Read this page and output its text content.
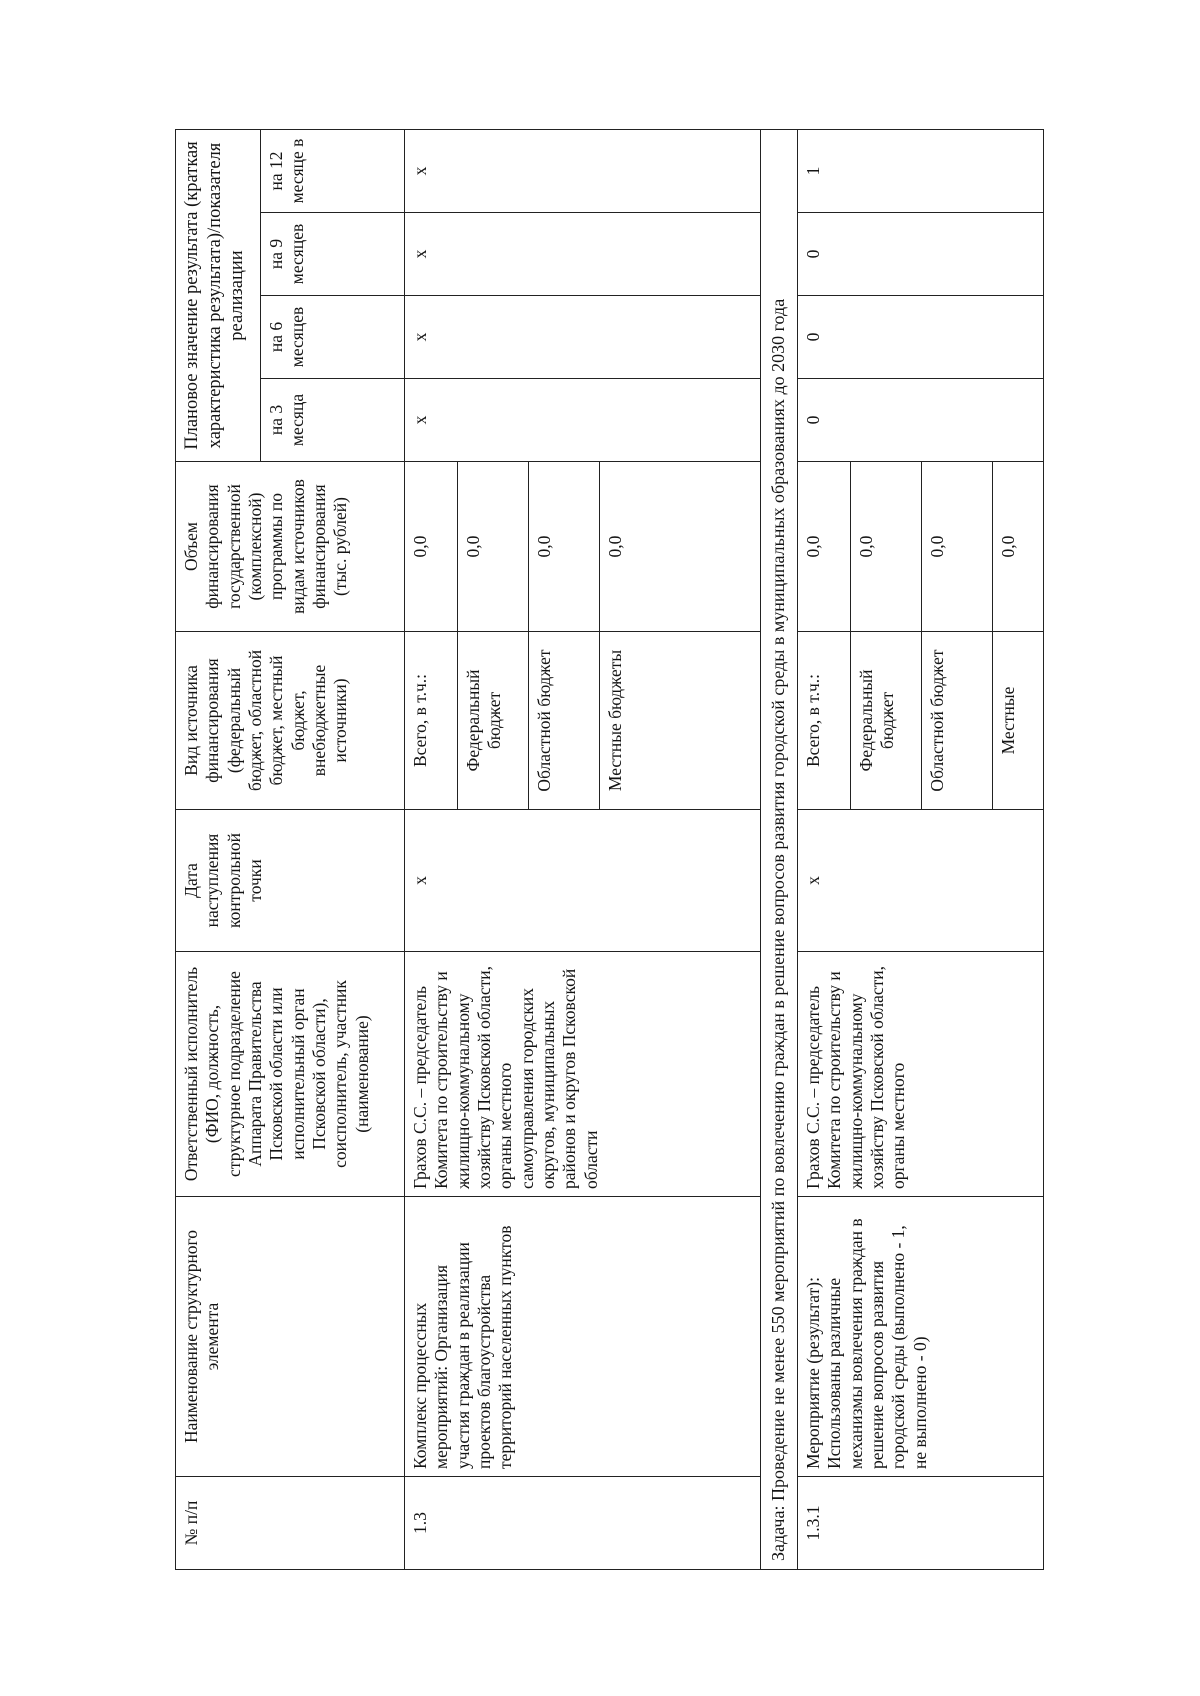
№ п/п	Наименование структурного элемента	Ответственный исполнитель (ФИО, должность, структурное подразделение Аппарата Правительства Псковской области или исполнительный орган Псковской области), соисполнитель, участник (наименование)	Дата наступления контрольной точки	Вид источника финансирования (федеральный бюджет, областной бюджет, местный бюджет, внебюджетные источники)	Объем финансирования государственной (комплексной) программы по видам источников финансирования (тыс. рублей)	Плановое значение результата (краткая характеристика результата)/показателя реализации			
						на 3 месяца	на 6 месяцев	на 9 месяцев	на 12 месяце в
1.3	Комплекс процессных мероприятий: Организация участия граждан в реализации проектов благоустройства территорий населенных пунктов	Грахов С.С. – председатель Комитета по строительству и жилищно-коммунальному хозяйству Псковской области, органы местного самоуправления городских округов, муниципальных районов и округов Псковской области	х	Всего, в т.ч.:	0,0	х	х	х	х
				Федеральный бюджет	0,0				
				Областной бюджет	0,0				
				Местные бюджеты	0,0				
Задача: Проведение не менее 550 мероприятий по вовлечению граждан в решение вопросов развития городской среды в муниципальных образованиях до 2030 года									
1.3.1	Мероприятие (результат): Использованы различные механизмы вовлечения граждан в решение вопросов развития городской среды (выполнено - 1, не выполнено - 0)	Грахов С.С. – председатель Комитета по строительству и жилищно-коммунальному хозяйству Псковской области, органы местного	х	Всего, в т.ч.:	0,0	0	0	0	1
				Федеральный бюджет	0,0				
				Областной бюджет	0,0				
				Местные	0,0				
